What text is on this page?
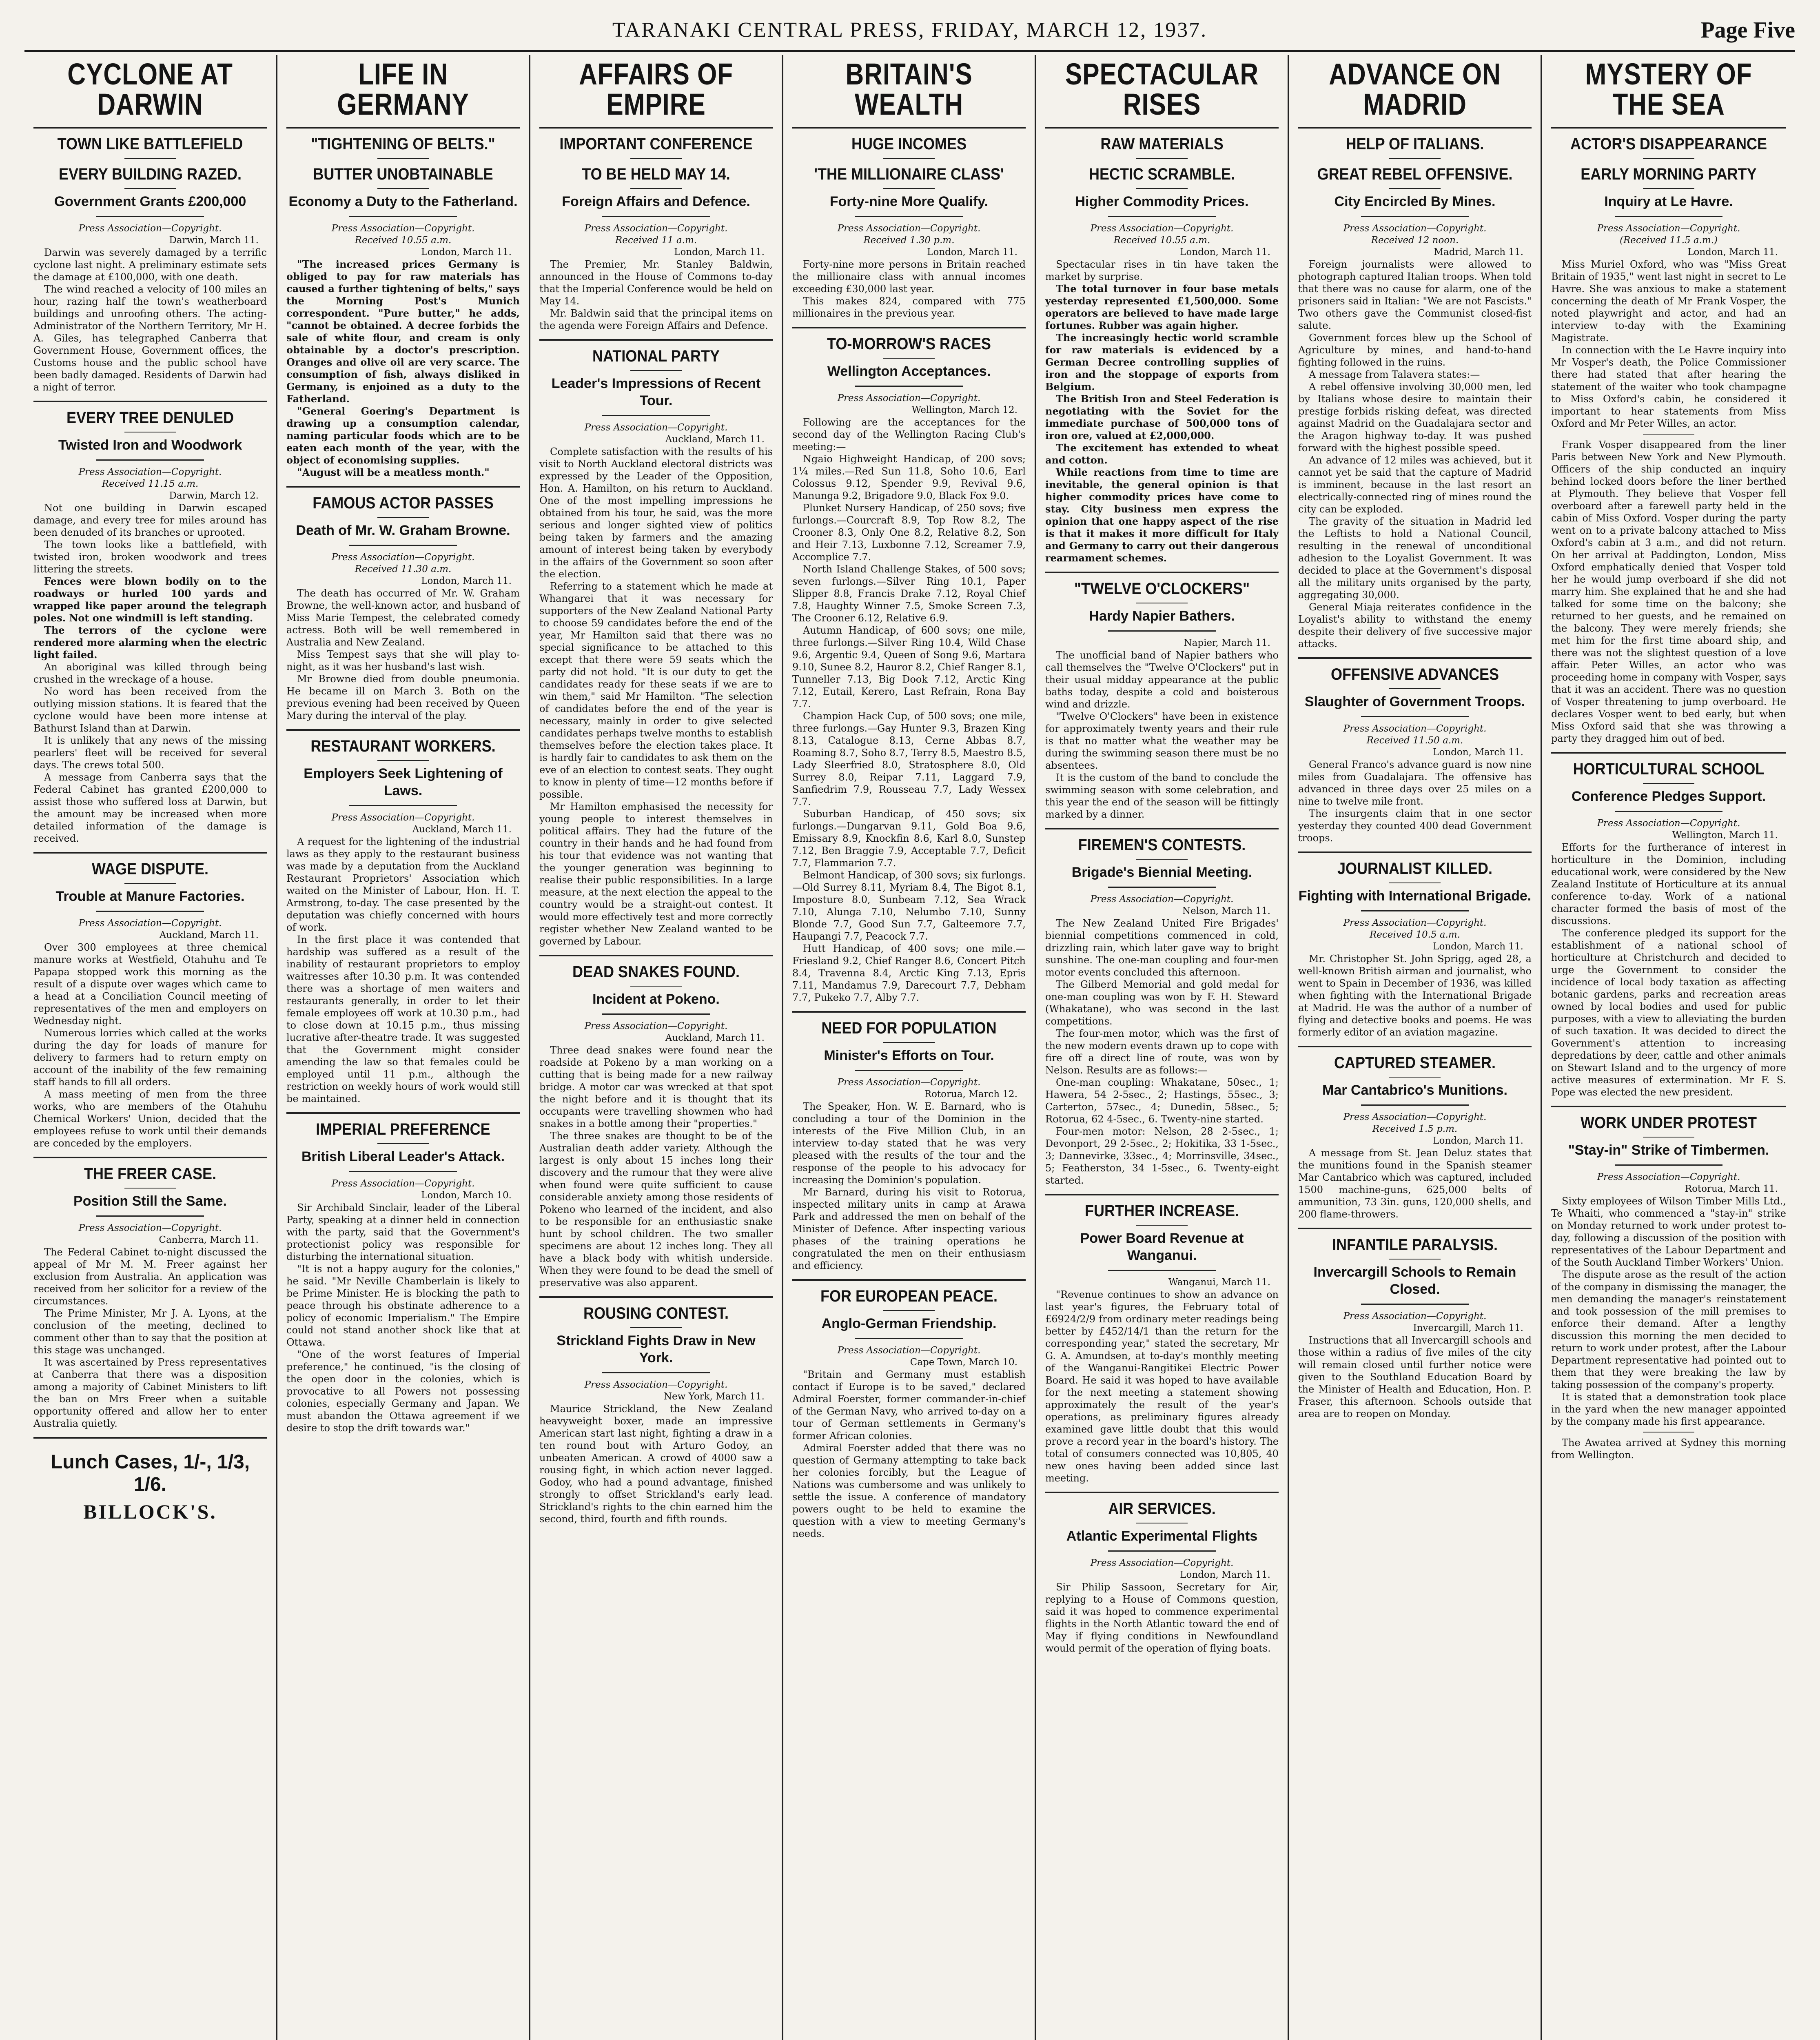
TARANAKI CENTRAL PRESS, FRIDAY, MARCH 12, 1937.	Page Five
CYCLONE AT DARWIN
TOWN LIKE BATTLEFIELD
EVERY BUILDING RAZED.
Government Grants £200,000
Press Association—Copyright.
Darwin, March 11.

Darwin was severely damaged by a terrific cyclone last night. A preliminary estimate sets the damage at £100,000, with one death.

The wind reached a velocity of 100 miles an hour, razing half the town's weatherboard buildings and unroofing others. The acting-Administrator of the Northern Territory, Mr H. A. Giles, has telegraphed Canberra that Government House, Government offices, the Customs house and the public school have been badly damaged. Residents of Darwin had a night of terror.

EVERY TREE DENULED
Twisted Iron and Woodwork
Press Association—Copyright.
Received 11.15 a.m.
Darwin, March 12.

Not one building in Darwin escaped damage, and every tree for miles around has been denuded of its branches or uprooted.

The town looks like a battlefield, with twisted iron, broken woodwork and trees littering the streets.

Fences were blown bodily on to the roadways or hurled 100 yards and wrapped like paper around the telegraph poles. Not one windmill is left standing.

The terrors of the cyclone were rendered more alarming when the electric light failed.

An aboriginal was killed through being crushed in the wreckage of a house.

No word has been received from the outlying mission stations. It is feared that the cyclone would have been more intense at Bathurst Island than at Darwin.

It is unlikely that any news of the missing pearlers' fleet will be received for several days. The crews total 500.

A message from Canberra says that the Federal Cabinet has granted £200,000 to assist those who suffered loss at Darwin, but the amount may be increased when more detailed information of the damage is received.

WAGE DISPUTE.
Trouble at Manure Factories.
Press Association—Copyright.
Auckland, March 11.

Over 300 employees at three chemical manure works at Westfield, Otahuhu and Te Papapa stopped work this morning as the result of a dispute over wages which came to a head at a Conciliation Council meeting of representatives of the men and employers on Wednesday night.

Numerous lorries which called at the works during the day for loads of manure for delivery to farmers had to return empty on account of the inability of the few remaining staff hands to fill all orders.

A mass meeting of men from the three works, who are members of the Otahuhu Chemical Workers' Union, decided that the employees refuse to work until their demands are conceded by the employers.

THE FREER CASE.
Position Still the Same.
Press Association—Copyright.
Canberra, March 11.

The Federal Cabinet to-night discussed the appeal of Mr M. M. Freer against her exclusion from Australia. An application was received from her solicitor for a review of the circumstances.

The Prime Minister, Mr J. A. Lyons, at the conclusion of the meeting, declined to comment other than to say that the position at this stage was unchanged.

It was ascertained by Press representatives at Canberra that there was a disposition among a majority of Cabinet Ministers to lift the ban on Mrs Freer when a suitable opportunity offered and allow her to enter Australia quietly.

Lunch Cases, 1/-, 1/3, 1/6.
BILLOCK'S.
LIFE IN GERMANY
"TIGHTENING OF BELTS."
BUTTER UNOBTAINABLE
Economy a Duty to the Fatherland.
Press Association—Copyright.
Received 10.55 a.m.
London, March 11.

"The increased prices Germany is obliged to pay for raw materials has caused a further tightening of belts," says the Morning Post's Munich correspondent. "Pure butter," he adds, "cannot be obtained. A decree forbids the sale of white flour, and cream is only obtainable by a doctor's prescription. Oranges and olive oil are very scarce. The consumption of fish, always disliked in Germany, is enjoined as a duty to the Fatherland.

"General Goering's Department is drawing up a consumption calendar, naming particular foods which are to be eaten each month of the year, with the object of economising supplies.

"August will be a meatless month."

FAMOUS ACTOR PASSES
Death of Mr. W. Graham Browne.
Press Association—Copyright.
Received 11.30 a.m.
London, March 11.

The death has occurred of Mr. W. Graham Browne, the well-known actor, and husband of Miss Marie Tempest, the celebrated comedy actress. Both will be well remembered in Australia and New Zealand.

Miss Tempest says that she will play to-night, as it was her husband's last wish.

Mr Browne died from double pneumonia. He became ill on March 3. Both on the previous evening had been received by Queen Mary during the interval of the play.

RESTAURANT WORKERS.
Employers Seek Lightening of Laws.
Press Association—Copyright.
Auckland, March 11.

A request for the lightening of the industrial laws as they apply to the restaurant business was made by a deputation from the Auckland Restaurant Proprietors' Association which waited on the Minister of Labour, Hon. H. T. Armstrong, to-day. The case presented by the deputation was chiefly concerned with hours of work.

In the first place it was contended that hardship was suffered as a result of the inability of restaurant proprietors to employ waitresses after 10.30 p.m. It was contended there was a shortage of men waiters and restaurants generally, in order to let their female employees off work at 10.30 p.m., had to close down at 10.15 p.m., thus missing lucrative after-theatre trade. It was suggested that the Government might consider amending the law so that females could be employed until 11 p.m., although the restriction on weekly hours of work would still be maintained.

IMPERIAL PREFERENCE
British Liberal Leader's Attack.
Press Association—Copyright.
London, March 10.

Sir Archibald Sinclair, leader of the Liberal Party, speaking at a dinner held in connection with the party, said that the Government's protectionist policy was responsible for disturbing the international situation.

"It is not a happy augury for the colonies," he said. "Mr Neville Chamberlain is likely to be Prime Minister. He is blocking the path to peace through his obstinate adherence to a policy of economic Imperialism." The Empire could not stand another shock like that at Ottawa.

"One of the worst features of Imperial preference," he continued, "is the closing of the open door in the colonies, which is provocative to all Powers not possessing colonies, especially Germany and Japan. We must abandon the Ottawa agreement if we desire to stop the drift towards war."

AFFAIRS OF EMPIRE
IMPORTANT CONFERENCE
TO BE HELD MAY 14.
Foreign Affairs and Defence.
Press Association—Copyright.
Received 11 a.m.
London, March 11.

The Premier, Mr. Stanley Baldwin, announced in the House of Commons to-day that the Imperial Conference would be held on May 14.

Mr. Baldwin said that the principal items on the agenda were Foreign Affairs and Defence.

NATIONAL PARTY
Leader's Impressions of Recent Tour.
Press Association—Copyright.
Auckland, March 11.

Complete satisfaction with the results of his visit to North Auckland electoral districts was expressed by the Leader of the Opposition, Hon. A. Hamilton, on his return to Auckland. One of the most impelling impressions he obtained from his tour, he said, was the more serious and longer sighted view of politics being taken by farmers and the amazing amount of interest being taken by everybody in the affairs of the Government so soon after the election.

Referring to a statement which he made at Whangarei that it was necessary for supporters of the New Zealand National Party to choose 59 candidates before the end of the year, Mr Hamilton said that there was no special significance to be attached to this except that there were 59 seats which the party did not hold. "It is our duty to get the candidates ready for these seats if we are to win them," said Mr Hamilton. "The selection of candidates before the end of the year is necessary, mainly in order to give selected candidates perhaps twelve months to establish themselves before the election takes place. It is hardly fair to candidates to ask them on the eve of an election to contest seats. They ought to know in plenty of time—12 months before if possible.

Mr Hamilton emphasised the necessity for young people to interest themselves in political affairs. They had the future of the country in their hands and he had found from his tour that evidence was not wanting that the younger generation was beginning to realise their public responsibilities. In a large measure, at the next election the appeal to the country would be a straight-out contest. It would more effectively test and more correctly register whether New Zealand wanted to be governed by Labour.

DEAD SNAKES FOUND.
Incident at Pokeno.
Press Association—Copyright.
Auckland, March 11.

Three dead snakes were found near the roadside at Pokeno by a man working on a cutting that is being made for a new railway bridge. A motor car was wrecked at that spot the night before and it is thought that its occupants were travelling showmen who had snakes in a bottle among their "properties."

The three snakes are thought to be of the Australian death adder variety. Although the largest is only about 15 inches long their discovery and the rumour that they were alive when found were quite sufficient to cause considerable anxiety among those residents of Pokeno who learned of the incident, and also to be responsible for an enthusiastic snake hunt by school children. The two smaller specimens are about 12 inches long. They all have a black body with whitish underside. When they were found to be dead the smell of preservative was also apparent.

ROUSING CONTEST.
Strickland Fights Draw in New York.
Press Association—Copyright.
New York, March 11.

Maurice Strickland, the New Zealand heavyweight boxer, made an impressive American start last night, fighting a draw in a ten round bout with Arturo Godoy, an unbeaten American. A crowd of 4000 saw a rousing fight, in which action never lagged. Godoy, who had a pound advantage, finished strongly to offset Strickland's early lead. Strickland's rights to the chin earned him the second, third, fourth and fifth rounds.

BRITAIN'S WEALTH
HUGE INCOMES
'THE MILLIONAIRE CLASS'
Forty-nine More Qualify.
Press Association—Copyright.
Received 1.30 p.m.
London, March 11.

Forty-nine more persons in Britain reached the millionaire class with annual incomes exceeding £30,000 last year.

This makes 824, compared with 775 millionaires in the previous year.

TO-MORROW'S RACES
Wellington Acceptances.
Press Association—Copyright.
Wellington, March 12.

Following are the acceptances for the second day of the Wellington Racing Club's meeting:—

Ngaio Highweight Handicap, of 200 sovs; 1¼ miles.—Red Sun 11.8, Soho 10.6, Earl Colossus 9.12, Spender 9.9, Revival 9.6, Manunga 9.2, Brigadore 9.0, Black Fox 9.0.

Plunket Nursery Handicap, of 250 sovs; five furlongs.—Courcraft 8.9, Top Row 8.2, The Crooner 8.3, Only One 8.2, Relative 8.2, Son and Heir 7.13, Luxbonne 7.12, Screamer 7.9, Accomplice 7.7.

North Island Challenge Stakes, of 500 sovs; seven furlongs.—Silver Ring 10.1, Paper Slipper 8.8, Francis Drake 7.12, Royal Chief 7.8, Haughty Winner 7.5, Smoke Screen 7.3, The Crooner 6.12, Relative 6.9.

Autumn Handicap, of 600 sovs; one mile, three furlongs.—Silver Ring 10.4, Wild Chase 9.6, Argentic 9.4, Queen of Song 9.6, Martara 9.10, Sunee 8.2, Hauror 8.2, Chief Ranger 8.1, Tunneller 7.13, Big Dook 7.12, Arctic King 7.12, Eutail, Kerero, Last Refrain, Rona Bay 7.7.

Champion Hack Cup, of 500 sovs; one mile, three furlongs.—Gay Hunter 9.3, Brazen King 8.13, Catalogue 8.13, Cerne Abbas 8.7, Roaming 8.7, Soho 8.7, Terry 8.5, Maestro 8.5, Lady Sleerfried 8.0, Stratosphere 8.0, Old Surrey 8.0, Reipar 7.11, Laggard 7.9, Sanfiedrim 7.9, Rousseau 7.7, Lady Wessex 7.7.

Suburban Handicap, of 450 sovs; six furlongs.—Dungarvan 9.11, Gold Boa 9.6, Emissary 8.9, Knockfin 8.6, Karl 8.0, Sunstep 7.12, Ben Braggie 7.9, Acceptable 7.7, Deficit 7.7, Flammarion 7.7.

Belmont Handicap, of 300 sovs; six furlongs.—Old Surrey 8.11, Myriam 8.4, The Bigot 8.1, Imposture 8.0, Sunbeam 7.12, Sea Wrack 7.10, Alunga 7.10, Nelumbo 7.10, Sunny Blonde 7.7, Good Sun 7.7, Galteemore 7.7, Haupangi 7.7, Peacock 7.7.

Hutt Handicap, of 400 sovs; one mile.—Friesland 9.2, Chief Ranger 8.6, Concert Pitch 8.4, Travenna 8.4, Arctic King 7.13, Epris 7.11, Mandamus 7.9, Darecourt 7.7, Debham 7.7, Pukeko 7.7, Alby 7.7.

NEED FOR POPULATION
Minister's Efforts on Tour.
Press Association—Copyright.
Rotorua, March 12.

The Speaker, Hon. W. E. Barnard, who is concluding a tour of the Dominion in the interests of the Five Million Club, in an interview to-day stated that he was very pleased with the results of the tour and the response of the people to his advocacy for increasing the Dominion's population.

Mr Barnard, during his visit to Rotorua, inspected military units in camp at Arawa Park and addressed the men on behalf of the Minister of Defence. After inspecting various phases of the training operations he congratulated the men on their enthusiasm and efficiency.

FOR EUROPEAN PEACE.
Anglo-German Friendship.
Press Association—Copyright.
Cape Town, March 10.

"Britain and Germany must establish contact if Europe is to be saved," declared Admiral Foerster, former commander-in-chief of the German Navy, who arrived to-day on a tour of German settlements in Germany's former African colonies.

Admiral Foerster added that there was no question of Germany attempting to take back her colonies forcibly, but the League of Nations was cumbersome and was unlikely to settle the issue. A conference of mandatory powers ought to be held to examine the question with a view to meeting Germany's needs.

SPECTACULAR RISES
RAW MATERIALS
HECTIC SCRAMBLE.
Higher Commodity Prices.
Press Association—Copyright.
Received 10.55 a.m.
London, March 11.

Spectacular rises in tin have taken the market by surprise.

The total turnover in four base metals yesterday represented £1,500,000. Some operators are believed to have made large fortunes. Rubber was again higher.

The increasingly hectic world scramble for raw materials is evidenced by a German Decree controlling supplies of iron and the stoppage of exports from Belgium.

The British Iron and Steel Federation is negotiating with the Soviet for the immediate purchase of 500,000 tons of iron ore, valued at £2,000,000.

The excitement has extended to wheat and cotton.

While reactions from time to time are inevitable, the general opinion is that higher commodity prices have come to stay. City business men express the opinion that one happy aspect of the rise is that it makes it more difficult for Italy and Germany to carry out their dangerous rearmament schemes.

"TWELVE O'CLOCKERS"
Hardy Napier Bathers.
Napier, March 11.

The unofficial band of Napier bathers who call themselves the "Twelve O'Clockers" put in their usual midday appearance at the public baths today, despite a cold and boisterous wind and drizzle.

"Twelve O'Clockers" have been in existence for approximately twenty years and their rule is that no matter what the weather may be during the swimming season there must be no absentees.

It is the custom of the band to conclude the swimming season with some celebration, and this year the end of the season will be fittingly marked by a dinner.

FIREMEN'S CONTESTS.
Brigade's Biennial Meeting.
Press Association—Copyright.
Nelson, March 11.

The New Zealand United Fire Brigades' biennial competitions commenced in cold, drizzling rain, which later gave way to bright sunshine. The one-man coupling and four-men motor events concluded this afternoon.

The Gilberd Memorial and gold medal for one-man coupling was won by F. H. Steward (Whakatane), who was second in the last competitions.

The four-men motor, which was the first of the new modern events drawn up to cope with fire off a direct line of route, was won by Nelson. Results are as follows:—

One-man coupling: Whakatane, 50sec., 1; Hawera, 54 2-5sec., 2; Hastings, 55sec., 3; Carterton, 57sec., 4; Dunedin, 58sec., 5; Rotorua, 62 4-5sec., 6. Twenty-nine started.

Four-men motor: Nelson, 28 2-5sec., 1; Devonport, 29 2-5sec., 2; Hokitika, 33 1-5sec., 3; Dannevirke, 33sec., 4; Morrinsville, 34sec., 5; Featherston, 34 1-5sec., 6. Twenty-eight started.

FURTHER INCREASE.
Power Board Revenue at Wanganui.
Wanganui, March 11.

"Revenue continues to show an advance on last year's figures, the February total of £6924/2/9 from ordinary meter readings being better by £452/14/1 than the return for the corresponding year," stated the secretary, Mr G. A. Amundsen, at to-day's monthly meeting of the Wanganui-Rangitikei Electric Power Board. He said it was hoped to have available for the next meeting a statement showing approximately the result of the year's operations, as preliminary figures already examined gave little doubt that this would prove a record year in the board's history. The total of consumers connected was 10,805, 40 new ones having been added since last meeting.

AIR SERVICES.
Atlantic Experimental Flights
Press Association—Copyright.
London, March 11.

Sir Philip Sassoon, Secretary for Air, replying to a House of Commons question, said it was hoped to commence experimental flights in the North Atlantic toward the end of May if flying conditions in Newfoundland would permit of the operation of flying boats.

ADVANCE ON MADRID
HELP OF ITALIANS.
GREAT REBEL OFFENSIVE.
City Encircled By Mines.
Press Association—Copyright.
Received 12 noon.
Madrid, March 11.

Foreign journalists were allowed to photograph captured Italian troops. When told that there was no cause for alarm, one of the prisoners said in Italian: "We are not Fascists." Two others gave the Communist closed-fist salute.

Government forces blew up the School of Agriculture by mines, and hand-to-hand fighting followed in the ruins.

A message from Talavera states:—

A rebel offensive involving 30,000 men, led by Italians whose desire to maintain their prestige forbids risking defeat, was directed against Madrid on the Guadalajara sector and the Aragon highway to-day. It was pushed forward with the highest possible speed.

An advance of 12 miles was achieved, but it cannot yet be said that the capture of Madrid is imminent, because in the last resort an electrically-connected ring of mines round the city can be exploded.

The gravity of the situation in Madrid led the Leftists to hold a National Council, resulting in the renewal of unconditional adhesion to the Loyalist Government. It was decided to place at the Government's disposal all the military units organised by the party, aggregating 30,000.

General Miaja reiterates confidence in the Loyalist's ability to withstand the enemy despite their delivery of five successive major attacks.

OFFENSIVE ADVANCES
Slaughter of Government Troops.
Press Association—Copyright.
Received 11.50 a.m.
London, March 11.

General Franco's advance guard is now nine miles from Guadalajara. The offensive has advanced in three days over 25 miles on a nine to twelve mile front.

The insurgents claim that in one sector yesterday they counted 400 dead Government troops.

JOURNALIST KILLED.
Fighting with International Brigade.
Press Association—Copyright.
Received 10.5 a.m.
London, March 11.

Mr. Christopher St. John Sprigg, aged 28, a well-known British airman and journalist, who went to Spain in December of 1936, was killed when fighting with the International Brigade at Madrid. He was the author of a number of flying and detective books and poems. He was formerly editor of an aviation magazine.

CAPTURED STEAMER.
Mar Cantabrico's Munitions.
Press Association—Copyright.
Received 1.5 p.m.
London, March 11.

A message from St. Jean Deluz states that the munitions found in the Spanish steamer Mar Cantabrico which was captured, included 1500 machine-guns, 625,000 belts of ammunition, 73 3in. guns, 120,000 shells, and 200 flame-throwers.

INFANTILE PARALYSIS.
Invercargill Schools to Remain Closed.
Press Association—Copyright.
Invercargill, March 11.

Instructions that all Invercargill schools and those within a radius of five miles of the city will remain closed until further notice were given to the Southland Education Board by the Minister of Health and Education, Hon. P. Fraser, this afternoon. Schools outside that area are to reopen on Monday.

MYSTERY OF THE SEA
ACTOR'S DISAPPEARANCE
EARLY MORNING PARTY
Inquiry at Le Havre.
Press Association—Copyright.
(Received 11.5 a.m.)
London, March 11.

Miss Muriel Oxford, who was "Miss Great Britain of 1935," went last night in secret to Le Havre. She was anxious to make a statement concerning the death of Mr Frank Vosper, the noted playwright and actor, and had an interview to-day with the Examining Magistrate.

In connection with the Le Havre inquiry into Mr Vosper's death, the Police Commissioner there had stated that after hearing the statement of the waiter who took champagne to Miss Oxford's cabin, he considered it important to hear statements from Miss Oxford and Mr Peter Willes, an actor.

Frank Vosper disappeared from the liner Paris between New York and New Plymouth. Officers of the ship conducted an inquiry behind locked doors before the liner berthed at Plymouth. They believe that Vosper fell overboard after a farewell party held in the cabin of Miss Oxford. Vosper during the party went on to a private balcony attached to Miss Oxford's cabin at 3 a.m., and did not return. On her arrival at Paddington, London, Miss Oxford emphatically denied that Vosper told her he would jump overboard if she did not marry him. She explained that he and she had talked for some time on the balcony; she returned to her guests, and he remained on the balcony. They were merely friends; she met him for the first time aboard ship, and there was not the slightest question of a love affair. Peter Willes, an actor who was proceeding home in company with Vosper, says that it was an accident. There was no question of Vosper threatening to jump overboard. He declares Vosper went to bed early, but when Miss Oxford said that she was throwing a party they dragged him out of bed.

HORTICULTURAL SCHOOL
Conference Pledges Support.
Press Association—Copyright.
Wellington, March 11.

Efforts for the furtherance of interest in horticulture in the Dominion, including educational work, were considered by the New Zealand Institute of Horticulture at its annual conference to-day. Work of a national character formed the basis of most of the discussions.

The conference pledged its support for the establishment of a national school of horticulture at Christchurch and decided to urge the Government to consider the incidence of local body taxation as affecting botanic gardens, parks and recreation areas owned by local bodies and used for public purposes, with a view to alleviating the burden of such taxation. It was decided to direct the Government's attention to increasing depredations by deer, cattle and other animals on Stewart Island and to the urgency of more active measures of extermination. Mr F. S. Pope was elected the new president.

WORK UNDER PROTEST
"Stay-in" Strike of Timbermen.
Press Association—Copyright.
Rotorua, March 11.

Sixty employees of Wilson Timber Mills Ltd., Te Whaiti, who commenced a "stay-in" strike on Monday returned to work under protest to-day, following a discussion of the position with representatives of the Labour Department and of the South Auckland Timber Workers' Union.

The dispute arose as the result of the action of the company in dismissing the manager, the men demanding the manager's reinstatement and took possession of the mill premises to enforce their demand. After a lengthy discussion this morning the men decided to return to work under protest, after the Labour Department representative had pointed out to them that they were breaking the law by taking possession of the company's property.

It is stated that a demonstration took place in the yard when the new manager appointed by the company made his first appearance.

The Awatea arrived at Sydney this morning from Wellington.
